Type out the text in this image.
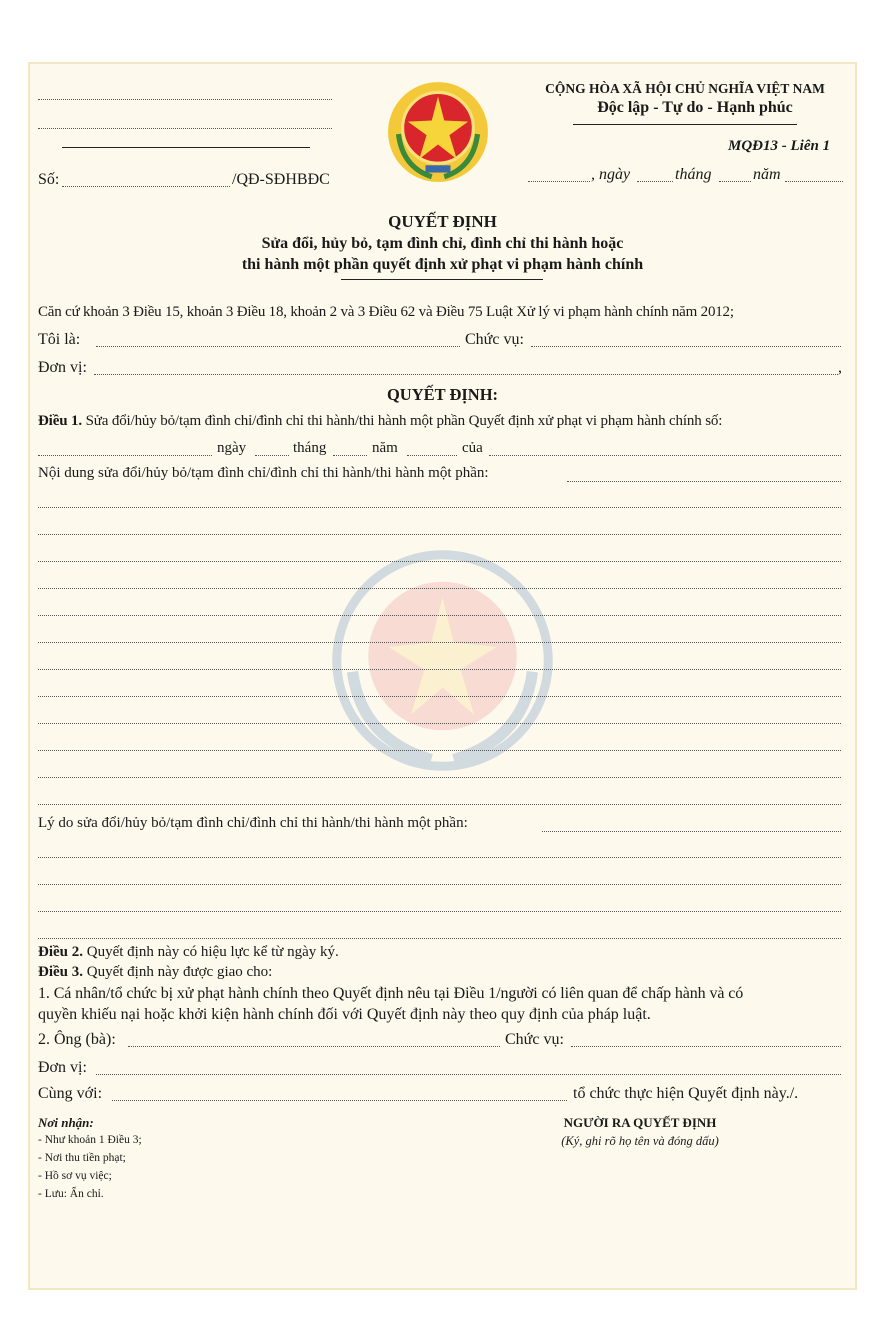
Số:	/QĐ-SĐHBĐC
CỘNG HÒA XÃ HỘI CHỦ NGHĨA VIỆT NAM
Độc lập - Tự do - Hạnh phúc
MQĐ13 - Liên 1
, ngày	tháng	năm
QUYẾT ĐỊNH
Sửa đổi, hủy bỏ, tạm đình chỉ, đình chỉ thi hành hoặc
thi hành một phần quyết định xử phạt vi phạm hành chính
Căn cứ khoản 3 Điều 15, khoản 3 Điều 18, khoản 2 và 3 Điều 62 và Điều 75 Luật Xử lý vi phạm hành chính năm 2012;
Tôi là:	Chức vụ:
Đơn vị:	,
QUYẾT ĐỊNH:
Điều 1. Sửa đổi/hủy bỏ/tạm đình chỉ/đình chỉ thi hành/thi hành một phần Quyết định xử phạt vi phạm hành chính số:
ngày	tháng	năm	của
Nội dung sửa đổi/hủy bỏ/tạm đình chỉ/đình chỉ thi hành/thi hành một phần:
Lý do sửa đổi/hủy bỏ/tạm đình chỉ/đình chỉ thi hành/thi hành một phần:
Điều 2. Quyết định này có hiệu lực kể từ ngày ký.
Điều 3. Quyết định này được giao cho:
1. Cá nhân/tổ chức bị xử phạt hành chính theo Quyết định nêu tại Điều 1/người có liên quan để chấp hành và có
quyền khiếu nại hoặc khởi kiện hành chính đối với Quyết định này theo quy định của pháp luật.
2. Ông (bà):	Chức vụ:
Đơn vị:
Cùng với:	tổ chức thực hiện Quyết định này./.
Nơi nhận:
- Như khoản 1 Điều 3;
- Nơi thu tiền phạt;
- Hồ sơ vụ việc;
- Lưu: Ấn chỉ.
NGƯỜI RA QUYẾT ĐỊNH
(Ký, ghi rõ họ tên và đóng dấu)
